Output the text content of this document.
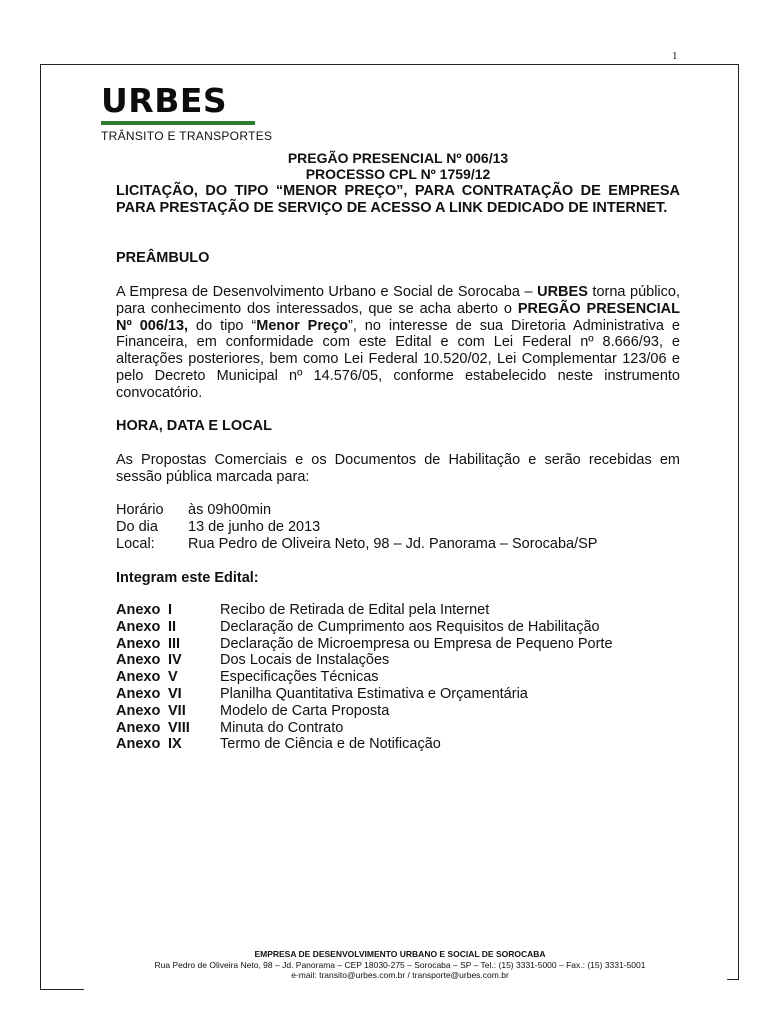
1
URBES
TRÂNSITO E TRANSPORTES
PREGÃO PRESENCIAL Nº 006/13
PROCESSO CPL Nº 1759/12
LICITAÇÃO, DO TIPO “MENOR PREÇO”, PARA CONTRATAÇÃO DE EMPRESA PARA PRESTAÇÃO DE SERVIÇO DE ACESSO A LINK DEDICADO DE INTERNET.
PREÂMBULO
A Empresa de Desenvolvimento Urbano e Social de Sorocaba – URBES torna público, para conhecimento dos interessados, que se acha aberto o PREGÃO PRESENCIAL Nº 006/13, do tipo “Menor Preço”, no interesse de sua Diretoria Administrativa e Financeira, em conformidade com este Edital e com Lei Federal nº 8.666/93, e alterações posteriores, bem como Lei Federal 10.520/02, Lei Complementar 123/06 e pelo Decreto Municipal nº 14.576/05, conforme estabelecido neste instrumento convocatório.
HORA, DATA E LOCAL
As Propostas Comerciais e os Documentos de Habilitação e serão recebidas em sessão pública marcada para:
Horário	às 09h00min
Do dia	13 de junho de 2013
Local:	Rua Pedro de Oliveira Neto, 98 – Jd. Panorama – Sorocaba/SP
Integram este Edital:
Anexo I	Recibo de Retirada de Edital pela Internet
Anexo II	Declaração de Cumprimento aos Requisitos de Habilitação
Anexo III	Declaração de Microempresa ou Empresa de Pequeno Porte
Anexo IV	Dos Locais de Instalações
Anexo V	Especificações Técnicas
Anexo VI	Planilha Quantitativa Estimativa e Orçamentária
Anexo VII	Modelo de Carta Proposta
Anexo VIII	Minuta do Contrato
Anexo IX	Termo de Ciência e de Notificação
EMPRESA DE DESENVOLVIMENTO URBANO E SOCIAL DE SOROCABA
Rua Pedro de Oliveira Neto, 98 – Jd. Panorama – CEP 18030-275 – Sorocaba – SP – Tel.: (15) 3331-5000 – Fax.: (15) 3331-5001
e-mail: transito@urbes.com.br / transporte@urbes.com.br
